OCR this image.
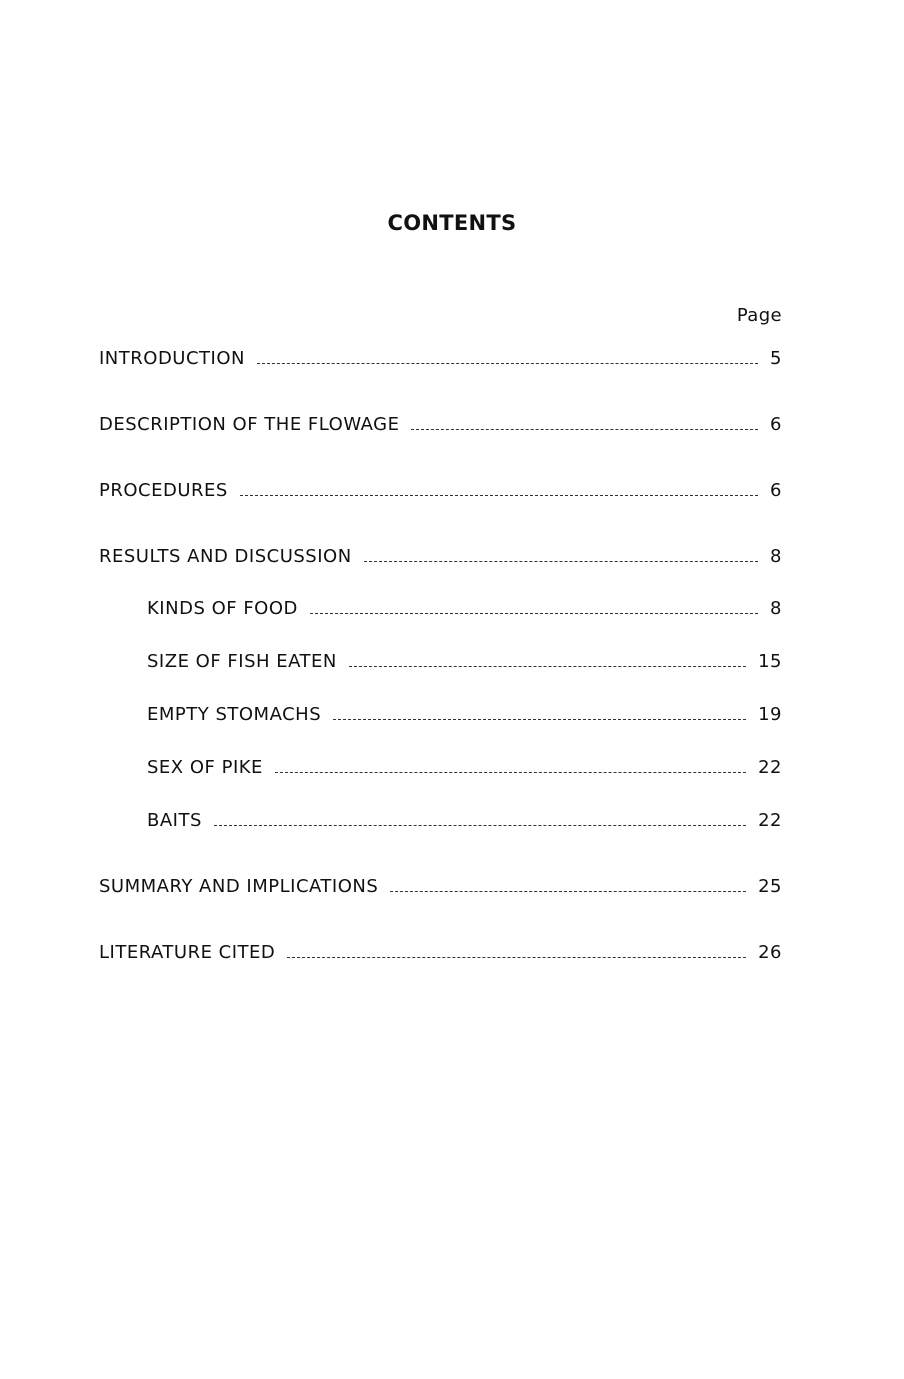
CONTENTS
Page
INTRODUCTION	5
DESCRIPTION OF THE FLOWAGE	6
PROCEDURES	6
RESULTS AND DISCUSSION	8
KINDS OF FOOD	8
SIZE OF FISH EATEN	15
EMPTY STOMACHS	19
SEX OF PIKE	22
BAITS	22
SUMMARY AND IMPLICATIONS	25
LITERATURE CITED	26
